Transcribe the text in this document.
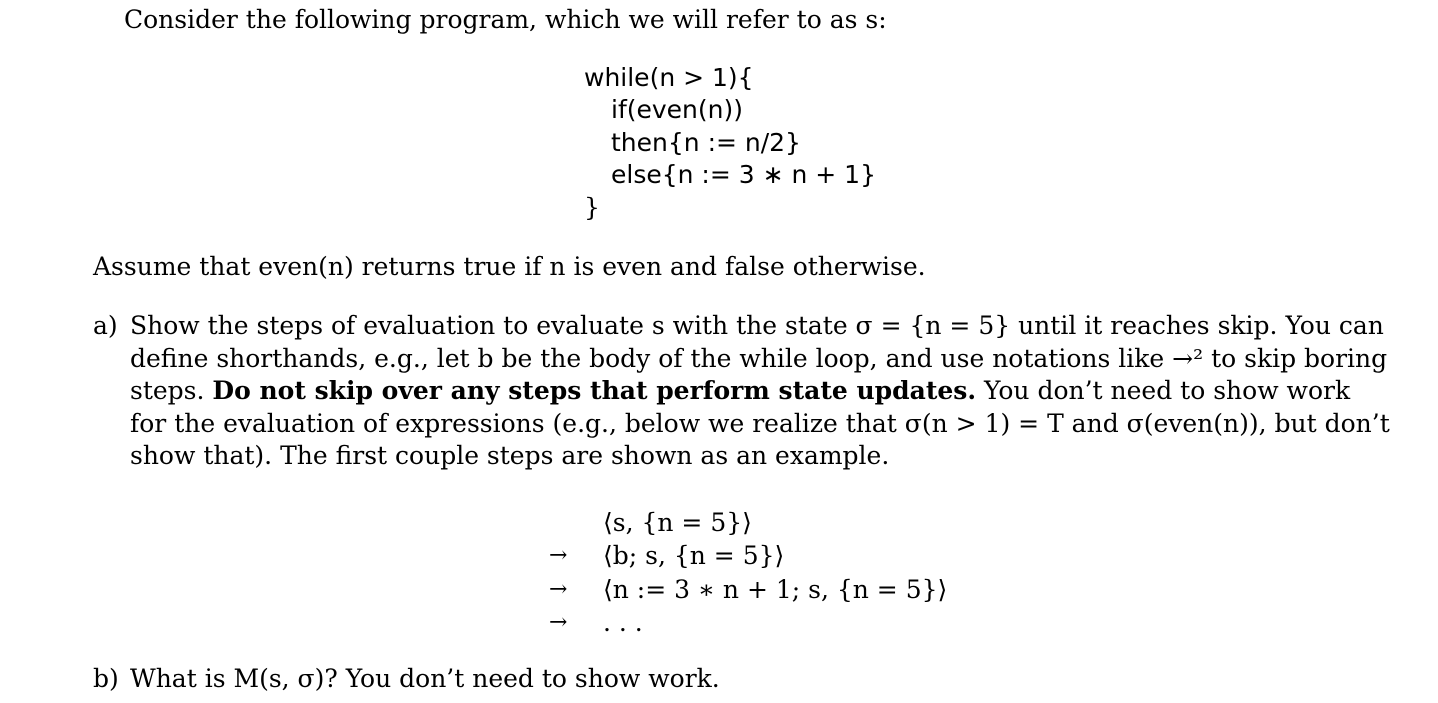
Consider the following program, which we will refer to as s:
while(n > 1){
if(even(n))
then{n := n/2}
else{n := 3 ∗ n + 1}
}
Assume that even(n) returns true if n is even and false otherwise.
a) Show the steps of evaluation to evaluate s with the state σ = {n = 5} until it reaches skip. You can
define shorthands, e.g., let b be the body of the while loop, and use notations like →² to skip boring
steps. Do not skip over any steps that perform state updates. You don’t need to show work
for the evaluation of expressions (e.g., below we realize that σ(n > 1) = T and σ(even(n)), but don’t
show that). The first couple steps are shown as an example.
⟨s, {n = 5}⟩
→ ⟨b; s, {n = 5}⟩
→ ⟨n := 3 ∗ n + 1; s, {n = 5}⟩
→ . . .
b) What is M(s, σ)? You don’t need to show work.
